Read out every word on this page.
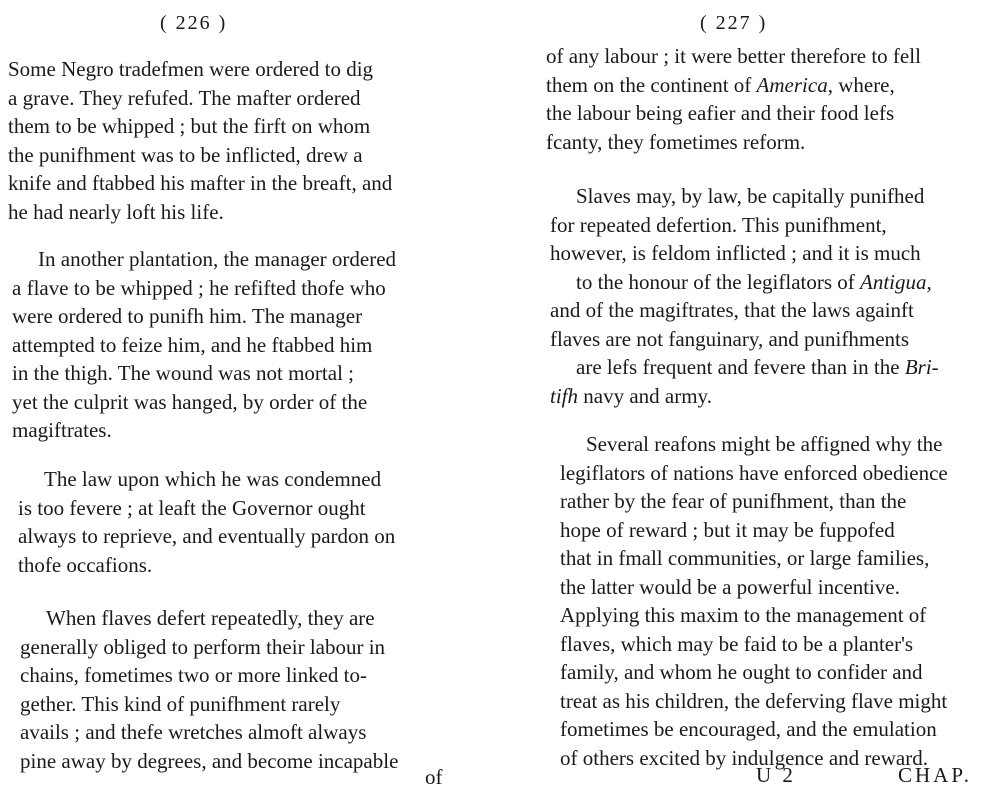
( 226 )

Some Negro tradefmen were ordered to dig
a grave. They refufed. The mafter ordered
them to be whipped ; but the firft on whom
the punifhment was to be inflicted, drew a
knife and ftabbed his mafter in the breaft, and
he had nearly loft his life.

In another plantation, the manager ordered
a flave to be whipped ; he refifted thofe who
were ordered to punifh him. The manager
attempted to feize him, and he ftabbed him
in the thigh. The wound was not mortal ;
yet the culprit was hanged, by order of the
magiftrates.

The law upon which he was condemned
is too fevere ; at leaft the Governor ought
always to reprieve, and eventually pardon on
thofe occafions.

When flaves defert repeatedly, they are
generally obliged to perform their labour in
chains, fometimes two or more linked to-
gether. This kind of punifhment rarely
avails ; and thefe wretches almoft always
pine away by degrees, and become incapable

of
( 227 )

of any labour ; it were better therefore to fell
them on the continent of America, where,
the labour being eafier and their food lefs
fcanty, they fometimes reform.

Slaves may, by law, be capitally punifhed
for repeated defertion. This punifhment,
however, is feldom inflicted ; and it is much
to the honour of the legiflators of Antigua,
and of the magiftrates, that the laws againft
flaves are not fanguinary, and punifhments
are lefs frequent and fevere than in the Bri-
tifh navy and army.

Several reafons might be affigned why the
legiflators of nations have enforced obedience
rather by the fear of punifhment, than the
hope of reward ; but it may be fuppofed
that in fmall communities, or large families,
the latter would be a powerful incentive.
Applying this maxim to the management of
flaves, which may be faid to be a planter's
family, and whom he ought to confider and
treat as his children, the deferving flave might
fometimes be encouraged, and the emulation
of others excited by indulgence and reward.

U 2	CHAP.
